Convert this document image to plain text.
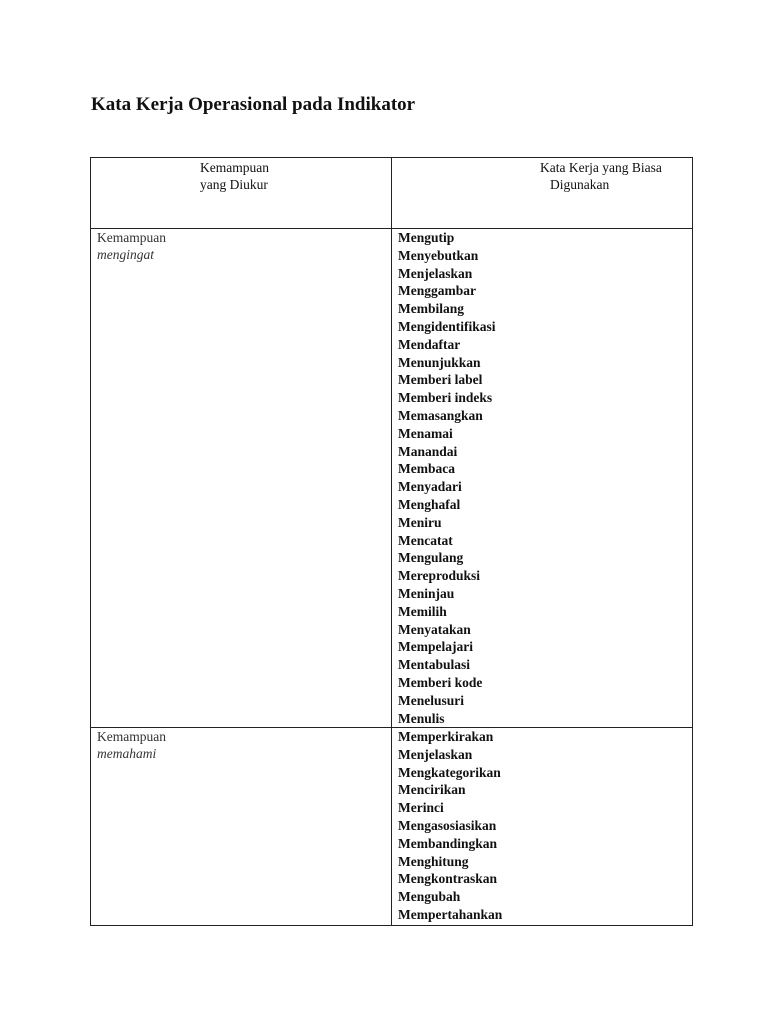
Kata Kerja Operasional pada Indikator

Kemampuan
yang Diukur

Kata Kerja yang Biasa
Digunakan

Kemampuan
mengingat
Mengutip
Menyebutkan
Menjelaskan
Menggambar
Membilang
Mengidentifikasi
Mendaftar
Menunjukkan
Memberi label
Memberi indeks
Memasangkan
Menamai
Manandai
Membaca
Menyadari
Menghafal
Meniru
Mencatat
Mengulang
Mereproduksi
Meninjau
Memilih
Menyatakan
Mempelajari
Mentabulasi
Memberi kode
Menelusuri
Menulis
Kemampuan
memahami
Memperkirakan
Menjelaskan
Mengkategorikan
Mencirikan
Merinci
Mengasosiasikan
Membandingkan
Menghitung
Mengkontraskan
Mengubah
Mempertahankan
